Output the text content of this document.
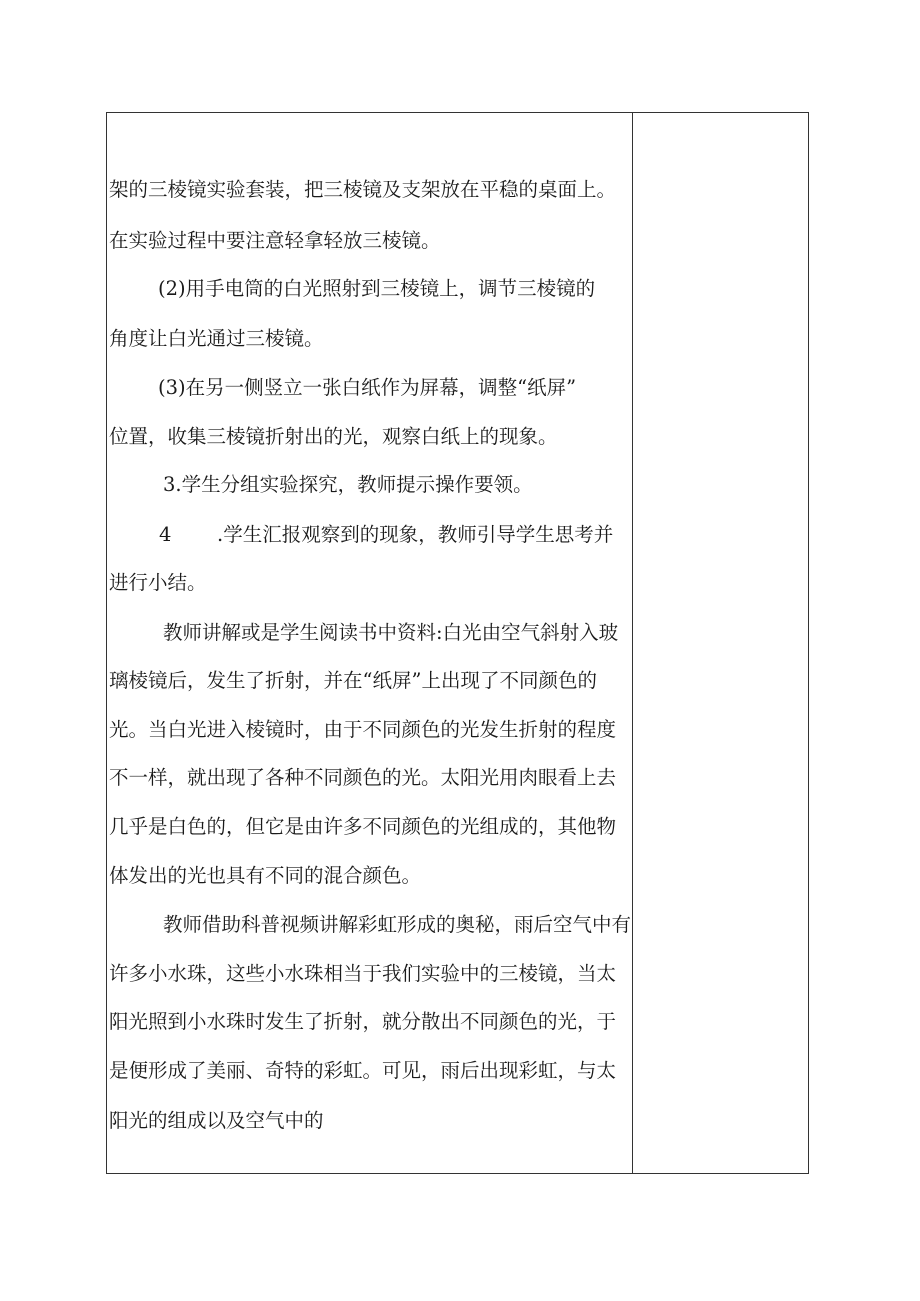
架的三棱镜实验套装，把三棱镜及支架放在平稳的桌面上。
在实验过程中要注意轻拿轻放三棱镜。
(2)用手电筒的白光照射到三棱镜上，调节三棱镜的
角度让白光通过三棱镜。
(3)在另一侧竖立一张白纸作为屏幕，调整“纸屏”
位置，收集三棱镜折射出的光，观察白纸上的现象。
3.学生分组实验探究，教师提示操作要领。
4 .学生汇报观察到的现象，教师引导学生思考并
进行小结。
教师讲解或是学生阅读书中资料:白光由空气斜射入玻
璃棱镜后，发生了折射，并在“纸屏”上出现了不同颜色的
光。当白光进入棱镜时，由于不同颜色的光发生折射的程度
不一样，就出现了各种不同颜色的光。太阳光用肉眼看上去
几乎是白色的，但它是由许多不同颜色的光组成的，其他物
体发出的光也具有不同的混合颜色。
教师借助科普视频讲解彩虹形成的奥秘，雨后空气中有
许多小水珠，这些小水珠相当于我们实验中的三棱镜，当太
阳光照到小水珠时发生了折射，就分散出不同颜色的光，于
是便形成了美丽、奇特的彩虹。可见，雨后出现彩虹，与太
阳光的组成以及空气中的
